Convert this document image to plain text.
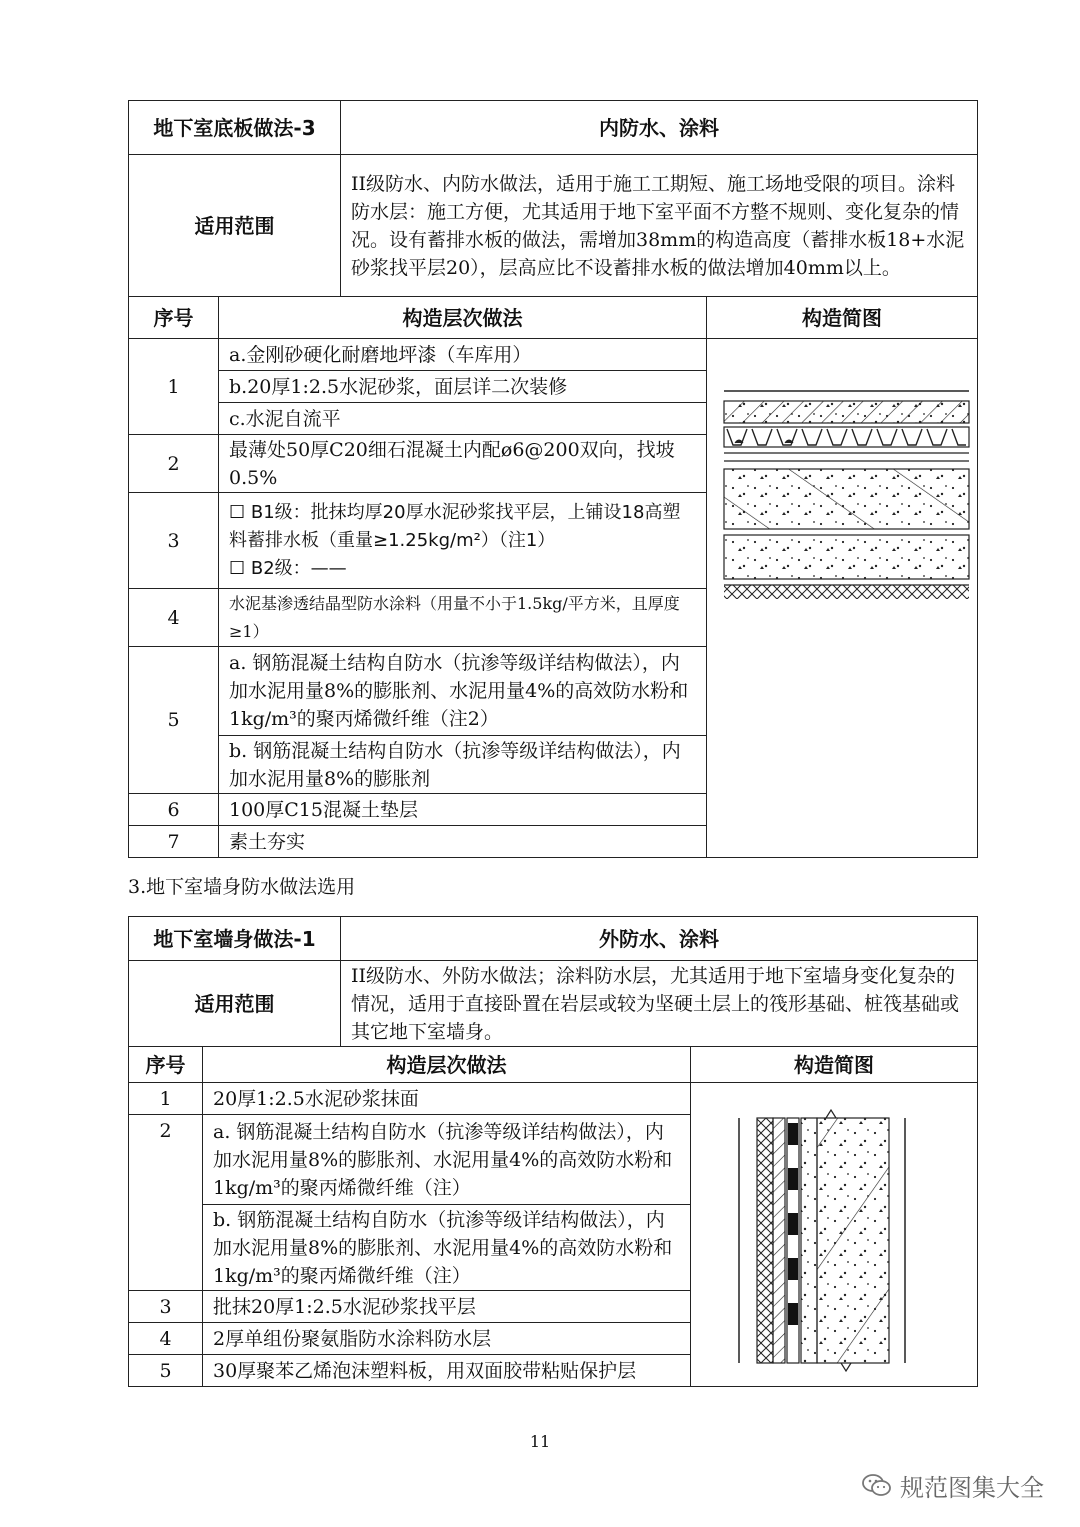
地下室底板做法-3		内防水、涂料	
适用范围		II级防水、内防水做法，适用于施工工期短、施工场地受限的项目。涂料防水层：施工方便，尤其适用于地下室平面不方整不规则、变化复杂的情况。设有蓄排水板的做法，需增加38mm的构造高度（蓄排水板18+水泥砂浆找平层20），层高应比不设蓄排水板的做法增加40mm以上。	
序号	构造层次做法		构造简图
1	a.金刚砂硬化耐磨地坪漆（车库用）	
	b.20厚1:2.5水泥砂浆，面层详二次装修		
	c.水泥自流平		
2	最薄处50厚C20细石混凝土内配ø6@200双向，找坡0.5%		
3	☐ B1级：批抹均厚20厚水泥砂浆找平层，上铺设18高塑料蓄排水板（重量≥1.25kg/m²）（注1）
☐ B2级：——		

4	水泥基渗透结晶型防水涂料（用量不小于1.5kg/平方米，且厚度≥1）		
5	a. 钢筋混凝土结构自防水（抗渗等级详结构做法），内加水泥用量8%的膨胀剂、水泥用量4%的高效防水粉和1kg/m³的聚丙烯微纤维（注2）		
	b. 钢筋混凝土结构自防水（抗渗等级详结构做法），内加水泥用量8%的膨胀剂		
6	100厚C15混凝土垫层		
7	素土夯实		
3.地下室墙身防水做法选用
地下室墙身做法-1		外防水、涂料	
适用范围		II级防水、外防水做法；涂料防水层，尤其适用于地下室墙身变化复杂的情况，适用于直接卧置在岩层或较为坚硬土层上的筏形基础、桩筏基础或其它地下室墙身。	
序号	构造层次做法		构造简图
1	20厚1:2.5水泥砂浆抹面	
2	a. 钢筋混凝土结构自防水（抗渗等级详结构做法），内加水泥用量8%的膨胀剂、水泥用量4%的高效防水粉和1kg/m³的聚丙烯微纤维（注）		
	b. 钢筋混凝土结构自防水（抗渗等级详结构做法），内加水泥用量8%的膨胀剂、水泥用量4%的高效防水粉和1kg/m³的聚丙烯微纤维（注）		
3	批抹20厚1:2.5水泥砂浆找平层		
4	2厚单组份聚氨脂防水涂料防水层		
5	30厚聚苯乙烯泡沫塑料板，用双面胶带粘贴保护层		
11
规范图集大全
